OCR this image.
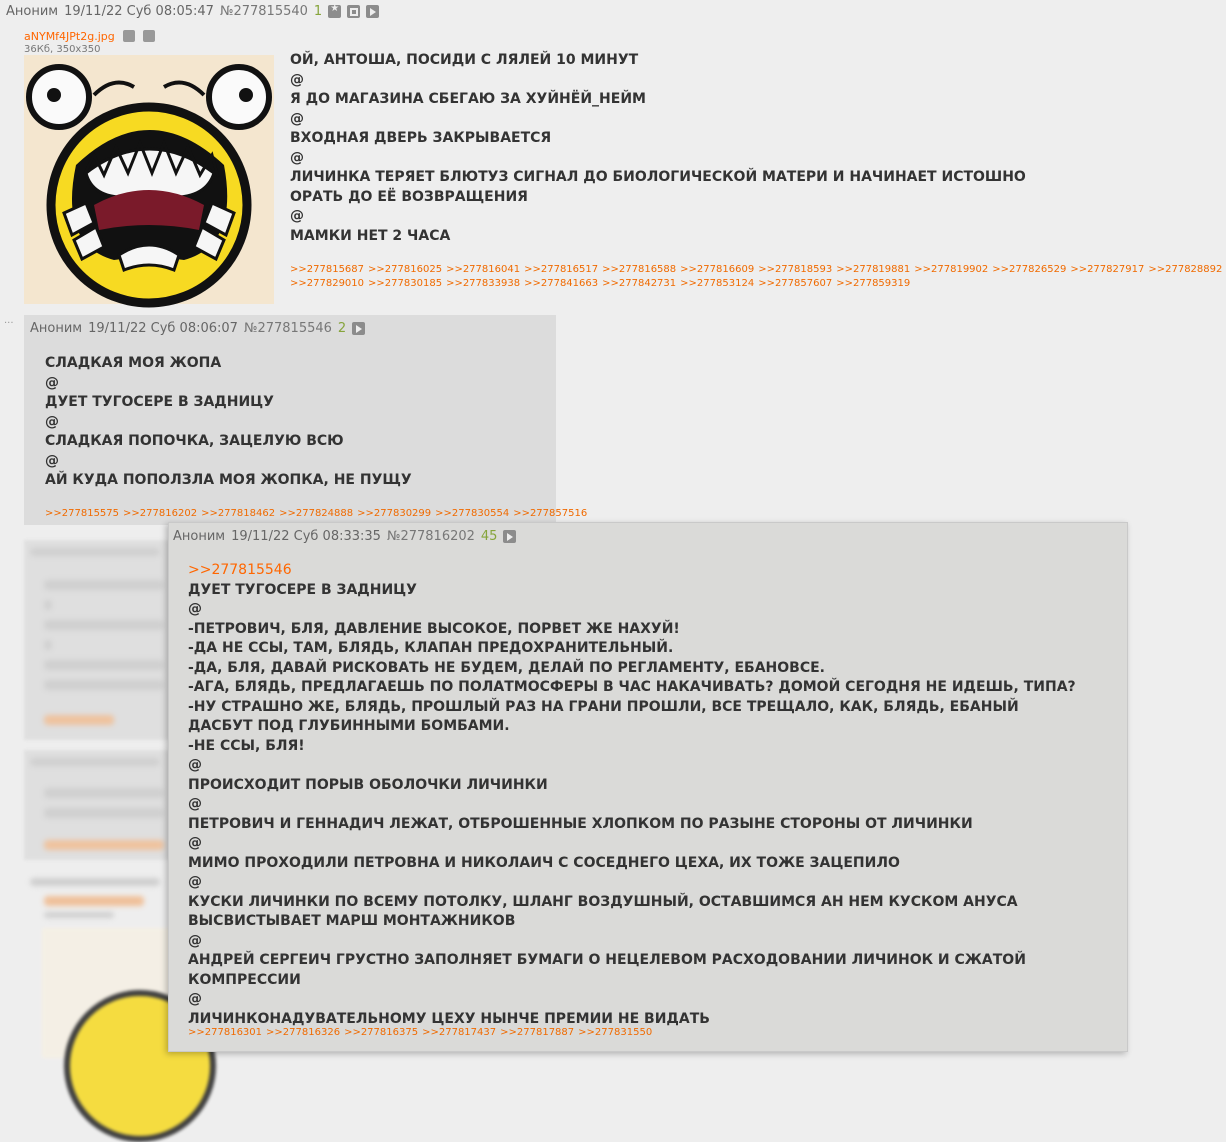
Аноним 19/11/22 Суб 08:05:47 №277815540 1
★
aNYMf4JPt2g.jpg
36Кб, 350x350

ОЙ, АНТОША, ПОСИДИ С ЛЯЛЕЙ 10 МИНУТ

@

Я ДО МАГАЗИНА СБЕГАЮ ЗА ХУЙНЁЙ_НЕЙМ

@

ВХОДНАЯ ДВЕРЬ ЗАКРЫВАЕТСЯ

@

ЛИЧИНКА ТЕРЯЕТ БЛЮТУЗ СИГНАЛ ДО БИОЛОГИЧЕСКОЙ МАТЕРИ И НАЧИНАЕТ ИСТОШНО ОРАТЬ ДО ЕЁ ВОЗВРАЩЕНИЯ

@

МАМКИ НЕТ 2 ЧАСА

>>277815687 >>277816025 >>277816041 >>277816517 >>277816588 >>277816609 >>277818593 >>277819881 >>277819902 >>277826529 >>277827917 >>277828892
>>277829010 >>277830185 >>277833938 >>277841663 >>277842731 >>277853124 >>277857607 >>277859319
··· Аноним 19/11/22 Суб 08:06:07 №277815546 2

СЛАДКАЯ МОЯ ЖОПА

@

ДУЕТ ТУГОСЕРЕ В ЗАДНИЦУ

@

СЛАДКАЯ ПОПОЧКА, ЗАЦЕЛУЮ ВСЮ

@

АЙ КУДА ПОПОЛЗЛА МОЯ ЖОПКА, НЕ ПУЩУ

>>277815575 >>277816202 >>277818462 >>277824888 >>277830299 >>277830554 >>277857516
Аноним 19/11/22 Суб 08:33:35 №277816202 45

>>277815546

ДУЕТ ТУГОСЕРЕ В ЗАДНИЦУ

@

-ПЕТРОВИЧ, БЛЯ, ДАВЛЕНИЕ ВЫСОКОЕ, ПОРВЕТ ЖЕ НАХУЙ!

-ДА НЕ ССЫ, ТАМ, БЛЯДЬ, КЛАПАН ПРЕДОХРАНИТЕЛЬНЫЙ.

-ДА, БЛЯ, ДАВАЙ РИСКОВАТЬ НЕ БУДЕМ, ДЕЛАЙ ПО РЕГЛАМЕНТУ, ЕБАНОВСЕ.

-АГА, БЛЯДЬ, ПРЕДЛАГАЕШЬ ПО ПОЛАТМОСФЕРЫ В ЧАС НАКАЧИВАТЬ? ДОМОЙ СЕГОДНЯ НЕ ИДЕШЬ, ТИПА?

-НУ СТРАШНО ЖЕ, БЛЯДЬ, ПРОШЛЫЙ РАЗ НА ГРАНИ ПРОШЛИ, ВСЕ ТРЕЩАЛО, КАК, БЛЯДЬ, ЕБАНЫЙ ДАСБУТ ПОД ГЛУБИННЫМИ БОМБАМИ.

-НЕ ССЫ, БЛЯ!

@

ПРОИСХОДИТ ПОРЫВ ОБОЛОЧКИ ЛИЧИНКИ

@

ПЕТРОВИЧ И ГЕННАДИЧ ЛЕЖАТ, ОТБРОШЕННЫЕ ХЛОПКОМ ПО РАЗЫНЕ СТОРОНЫ ОТ ЛИЧИНКИ

@

МИМО ПРОХОДИЛИ ПЕТРОВНА И НИКОЛАИЧ С СОСЕДНЕГО ЦЕХА, ИХ ТОЖЕ ЗАЦЕПИЛО

@

КУСКИ ЛИЧИНКИ ПО ВСЕМУ ПОТОЛКУ, ШЛАНГ ВОЗДУШНЫЙ, ОСТАВШИМСЯ АН НЕМ КУСКОМ АНУСА ВЫСВИСТЫВАЕТ МАРШ МОНТАЖНИКОВ

@

АНДРЕЙ СЕРГЕИЧ ГРУСТНО ЗАПОЛНЯЕТ БУМАГИ О НЕЦЕЛЕВОМ РАСХОДОВАНИИ ЛИЧИНОК И СЖАТОЙ КОМПРЕССИИ

@

ЛИЧИНКОНАДУВАТЕЛЬНОМУ ЦЕХУ НЫНЧЕ ПРЕМИИ НЕ ВИДАТЬ

>>277816301 >>277816326 >>277816375 >>277817437 >>277817887 >>277831550
